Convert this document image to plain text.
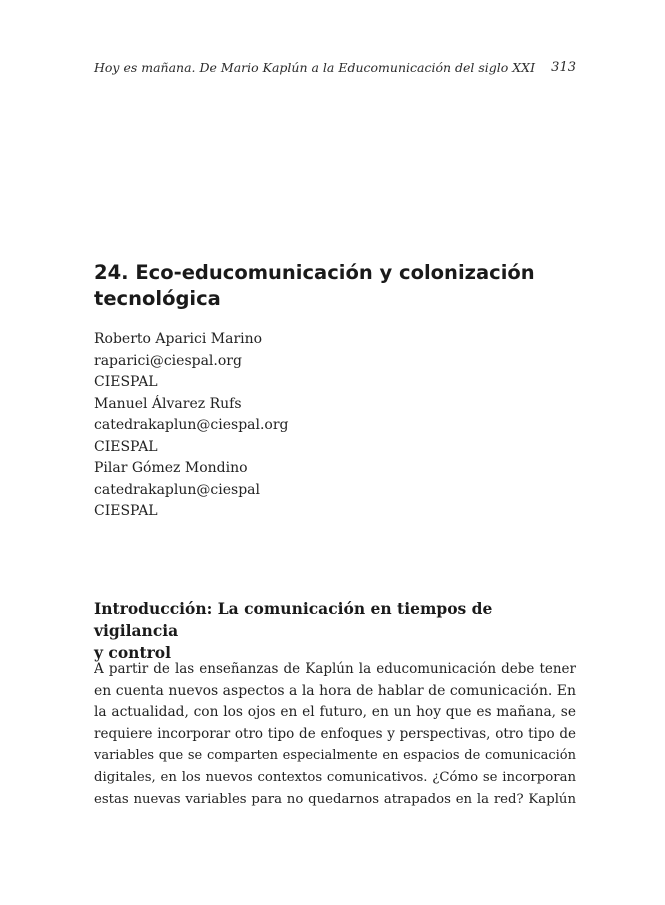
Hoy es mañana. De Mario Kaplún a la Educomunicación del siglo XXI 313
24. Eco-educomunicación y colonización
tecnológica
Roberto Aparici Marino
raparici@ciespal.org
CIESPAL
Manuel Álvarez Rufs
catedrakaplun@ciespal.org
CIESPAL
Pilar Gómez Mondino
catedrakaplun@ciespal
CIESPAL
Introducción: La comunicación en tiempos de vigilancia
y control
A partir de las enseñanzas de Kaplún la educomunicación debe tener
en cuenta nuevos aspectos a la hora de hablar de comunicación. En
la actualidad, con los ojos en el futuro, en un hoy que es mañana, se
requiere incorporar otro tipo de enfoques y perspectivas, otro tipo de
variables que se comparten especialmente en espacios de comunicación
digitales, en los nuevos contextos comunicativos. ¿Cómo se incorporan
estas nuevas variables para no quedarnos atrapados en la red? Kaplún
